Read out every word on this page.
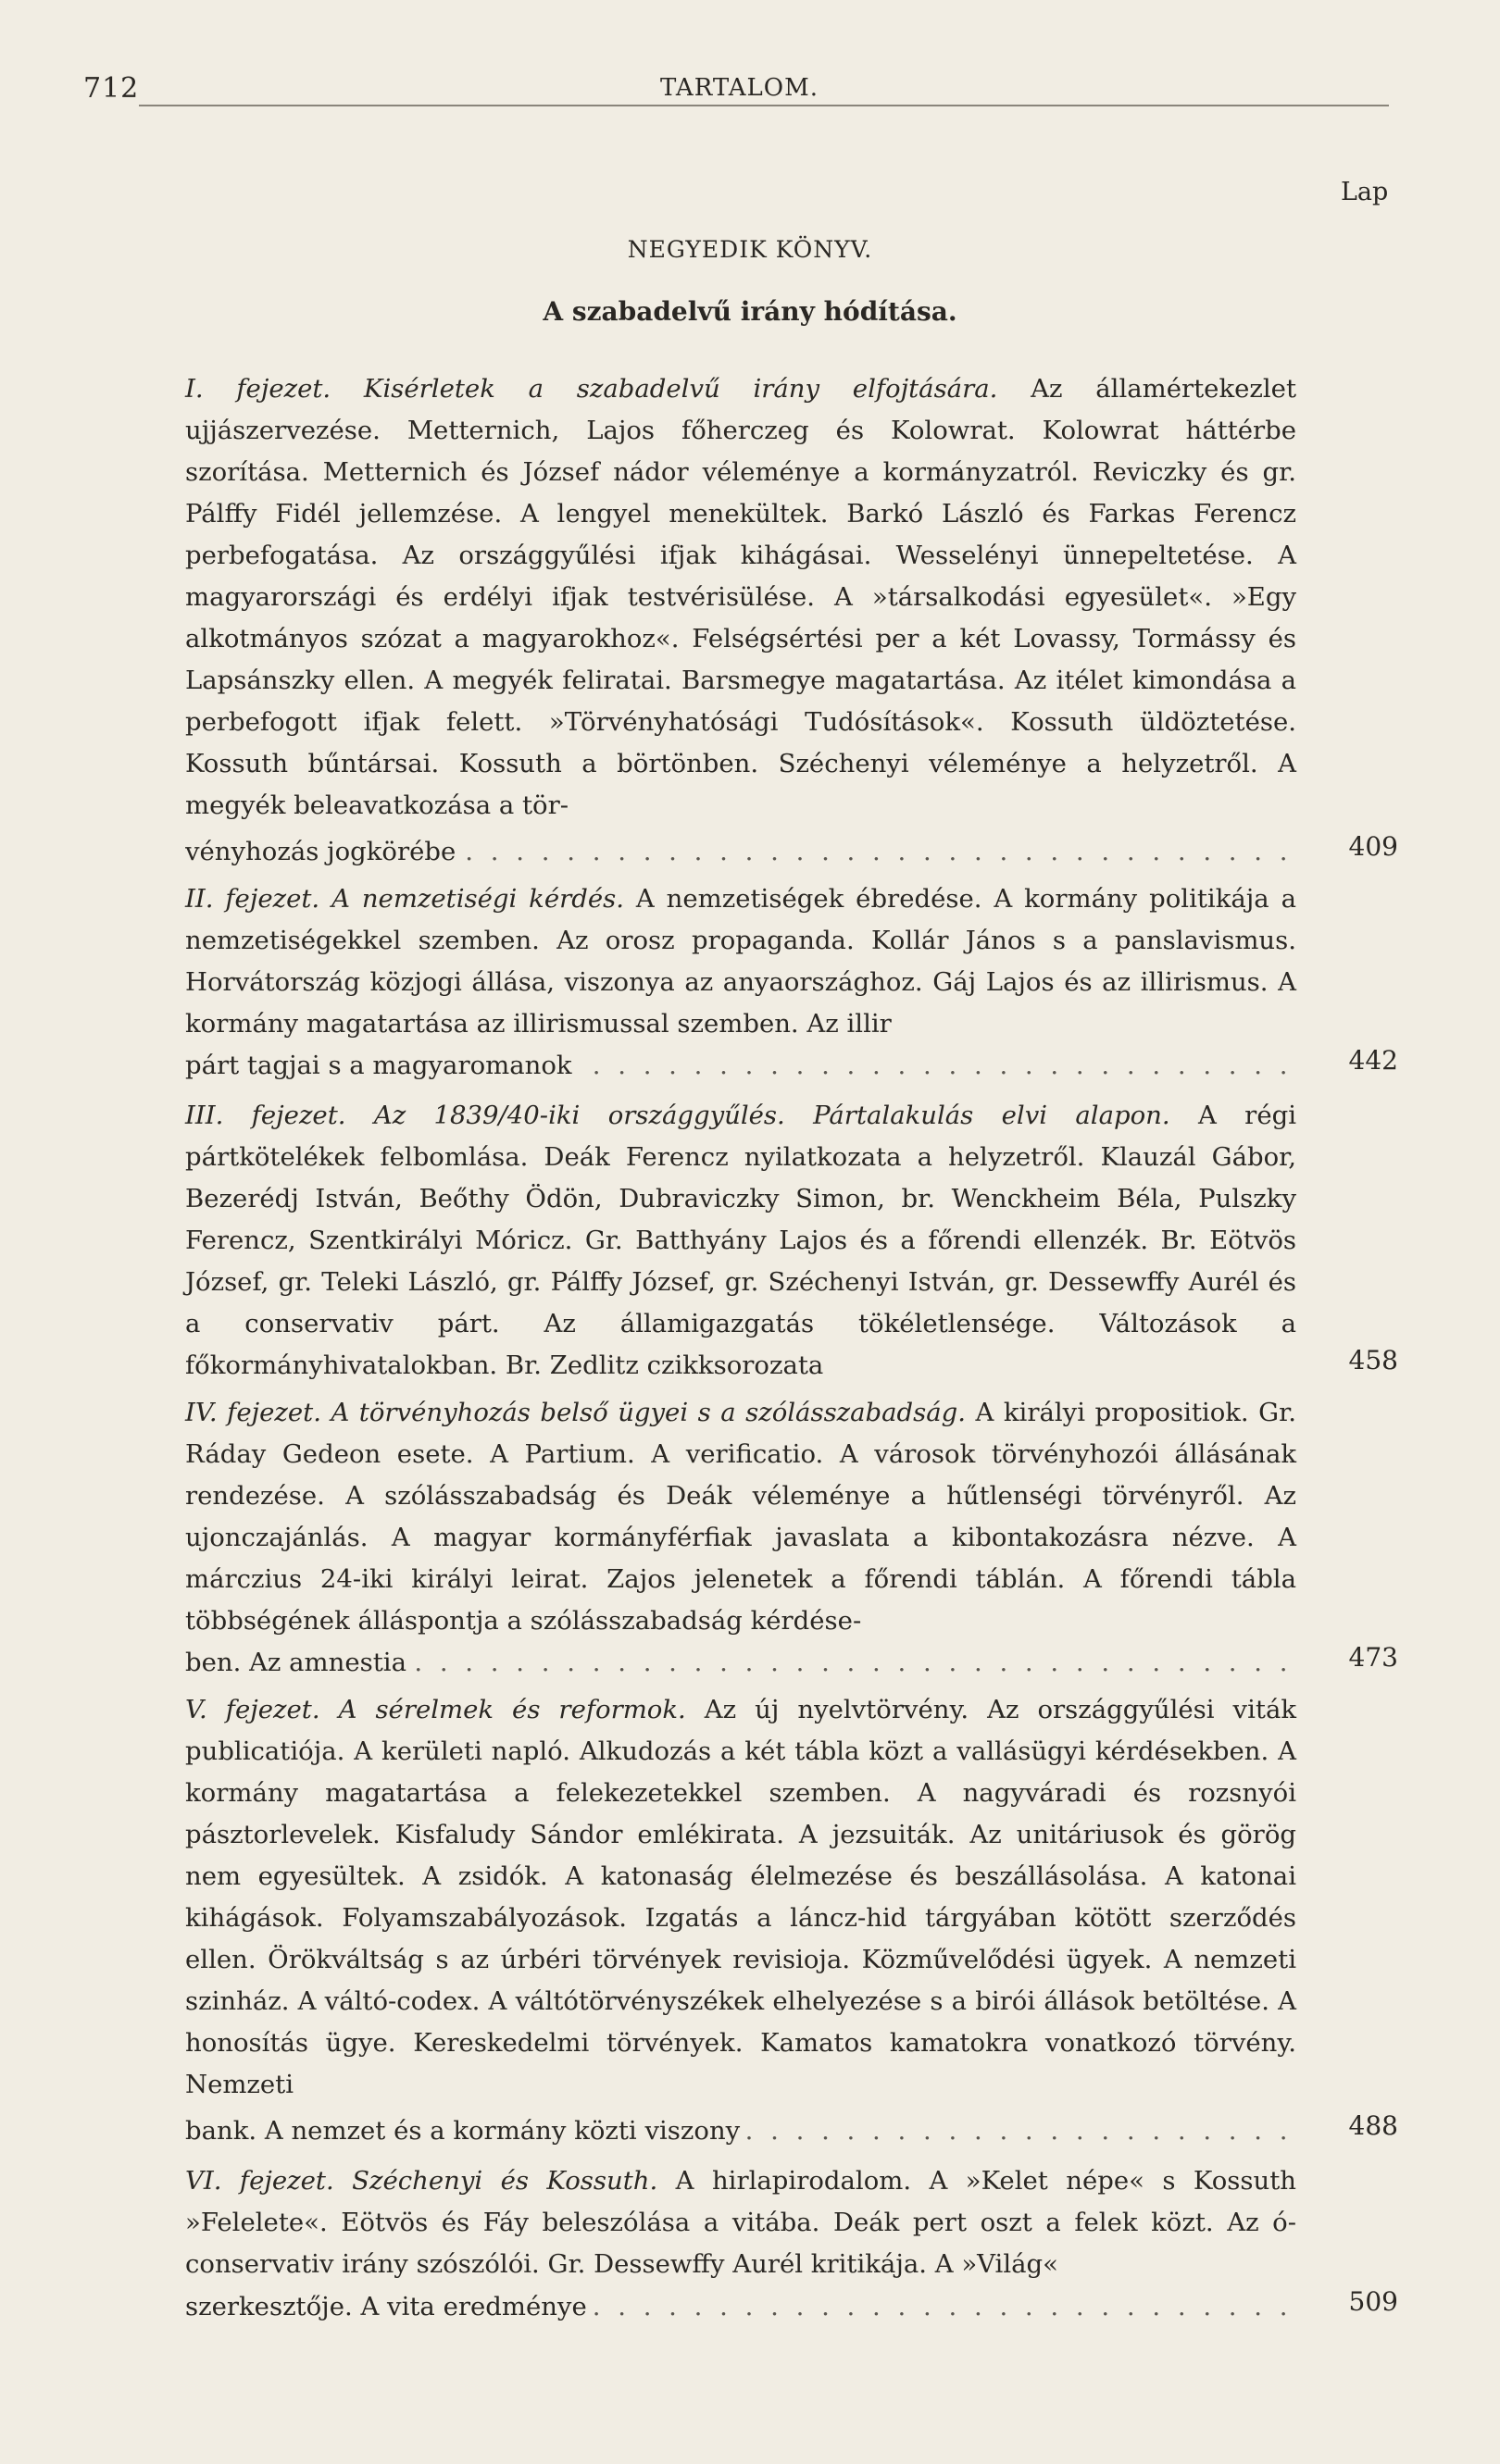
712	TARTALOM.
Lap
NEGYEDIK KÖNYV.
A szabadelvű irány hódítása.
I. fejezet. Kisérletek a szabadelvű irány elfojtására. Az államértekezlet ujjászervezése. Metternich, Lajos főherczeg és Kolowrat. Kolowrat háttérbe szorítása. Metternich és József nádor véleménye a kormányzatról. Reviczky és gr. Pálffy Fidél jellemzése. A lengyel menekültek. Barkó László és Farkas Ferencz perbefogatása. Az országgyűlési ifjak kihágásai. Wesselényi ünnepeltetése. A magyarországi és erdélyi ifjak testvérisülése. A »társalkodási egyesület«. »Egy alkotmányos szózat a magyarokhoz«. Felségsértési per a két Lovassy, Tormássy és Lapsánszky ellen. A megyék feliratai. Barsmegye magatartása. Az itélet kimondása a perbefogott ifjak felett. »Törvényhatósági Tudósítások«. Kossuth üldöztetése. Kossuth bűntársai. Kossuth a börtönben. Széchenyi véleménye a helyzetről. A megyék beleavatkozása a tör-
. . .
vényhozás jogkörébe	409
II. fejezet. A nemzetiségi kérdés. A nemzetiségek ébredése. A kormány politikája a nemzetiségekkel szemben. Az orosz propaganda. Kollár János s a panslavismus. Horvátország közjogi állása, viszonya az anyaországhoz. Gáj Lajos és az illirismus. A kormány magatartása az illirismussal szemben. Az illir
. . .
párt tagjai s a magyaromanok	442
III. fejezet. Az 1839/40-iki országgyűlés. Pártalakulás elvi alapon. A régi pártkötelékek felbomlása. Deák Ferencz nyilatkozata a helyzetről. Klauzál Gábor, Bezerédj István, Beőthy Ödön, Dubraviczky Simon, br. Wenckheim Béla, Pulszky Ferencz, Szentkirályi Móricz. Gr. Batthyány Lajos és a főrendi ellenzék. Br. Eötvös József, gr. Teleki László, gr. Pálffy József, gr. Széchenyi István, gr. Dessewffy Aurél és a conservativ párt. Az államigazgatás tökéletlensége. Változások a főkormányhivatalokban. Br. Zedlitz czikksorozata	458
IV. fejezet. A törvényhozás belső ügyei s a szólásszabadság. A királyi propositiok. Gr. Ráday Gedeon esete. A Partium. A verificatio. A városok törvényhozói állásának rendezése. A szólásszabadság és Deák véleménye a hűtlenségi törvényről. Az ujonczajánlás. A magyar kormányférfiak javaslata a kibontakozásra nézve. A márczius 24-iki királyi leirat. Zajos jelenetek a főrendi táblán. A főrendi tábla többségének álláspontja a szólásszabadság kérdése-
. . .
ben. Az amnestia	473
V. fejezet. A sérelmek és reformok. Az új nyelvtörvény. Az országgyűlési viták publicatiója. A kerületi napló. Alkudozás a két tábla közt a vallásügyi kérdésekben. A kormány magatartása a felekezetekkel szemben. A nagyváradi és rozsnyói pásztorlevelek. Kisfaludy Sándor emlékirata. A jezsuiták. Az unitáriusok és görög nem egyesültek. A zsidók. A katonaság élelmezése és beszállásolása. A katonai kihágások. Folyamszabályozások. Izgatás a láncz-hid tárgyában kötött szerződés ellen. Örökváltság s az úrbéri törvények revisioja. Közművelődési ügyek. A nemzeti szinház. A váltó-codex. A váltótörvényszékek elhelyezése s a birói állások betöltése. A honosítás ügye. Kereskedelmi törvények. Kamatos kamatokra vonatkozó törvény. Nemzeti
. . .
bank. A nemzet és a kormány közti viszony	488
VI. fejezet. Széchenyi és Kossuth. A hirlapirodalom. A »Kelet népe« s Kossuth »Felelete«. Eötvös és Fáy beleszólása a vitába. Deák pert oszt a felek közt. Az ó-conservativ irány szószólói. Gr. Dessewffy Aurél kritikája. A »Világ«
. . .
szerkesztője. A vita eredménye	509
